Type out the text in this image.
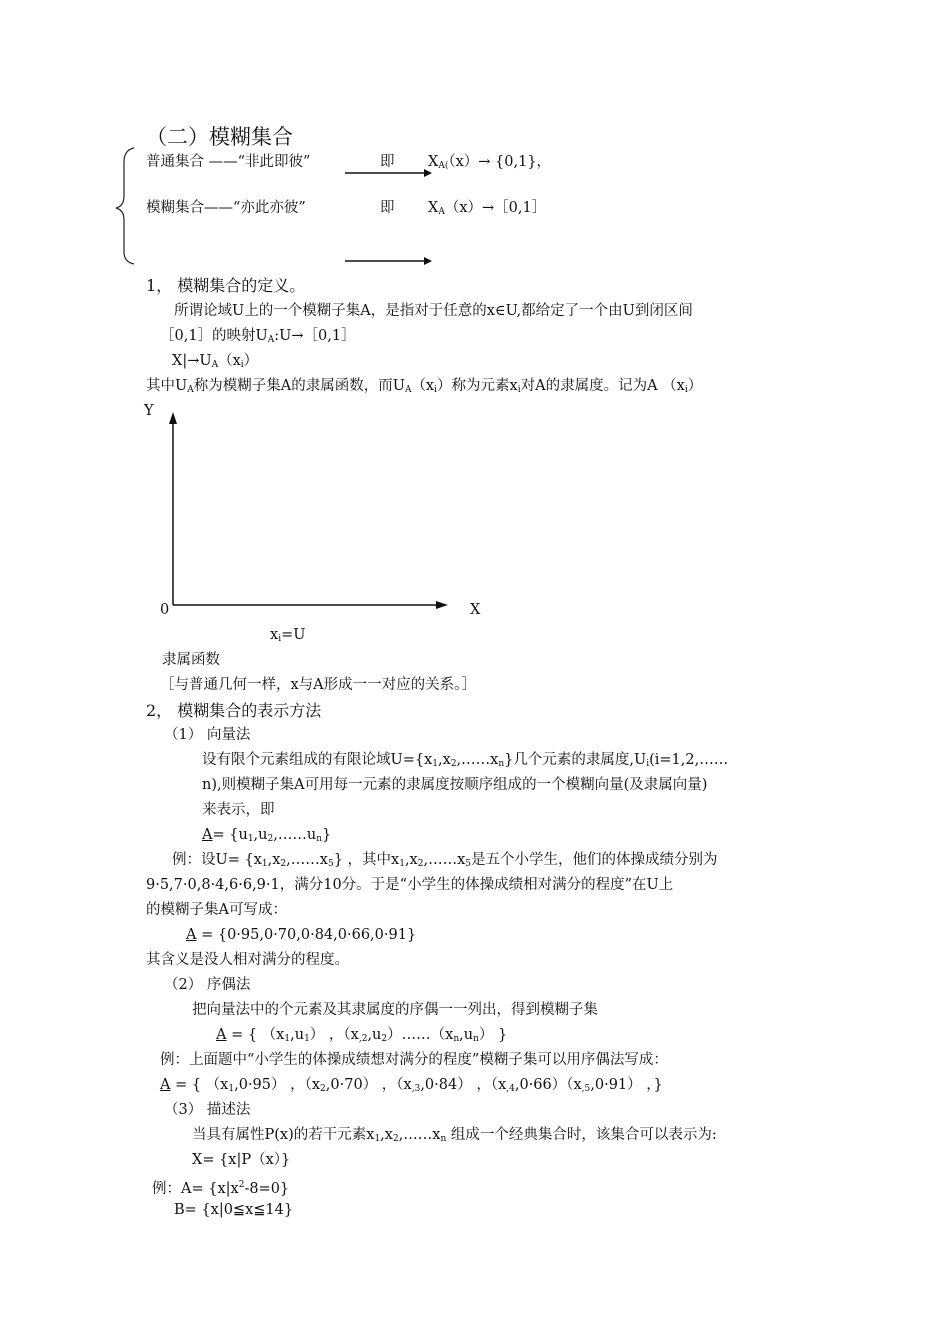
（二）模糊集合
普通集合 ——“非此即彼”	即 $X_{A(}(x)\to \{0,1\}$，
模糊集合——“亦此亦彼”	即 $X_A(x)\to[0,1]$
1， 模糊集合的定义。
所谓论域U上的一个模糊子集A，是指对于任意的x∈U,都给定了一个由U到闭区间
［0,1］的映射$U_A:U\to[0,1]$
$X|\to U_A(x_i)$
其中$U_A$称为模糊子集A的隶属函数，而$U_A(x_i)$称为元素$x_i$对A的隶属度。记为A $(x_i)$
Y
0	X
$x_i=U$
隶属函数
［与普通几何一样，x与A形成一一对应的关系。］
2， 模糊集合的表示方法
（1） 向量法
设有限个元素组成的有限论域$U=\{x_1,x_2,\dots\dots x_n\}$几个元素的隶属度$,U_i(i=1,2,\dots\dots$
n),则模糊子集A可用每一元素的隶属度按顺序组成的一个模糊向量(及隶属向量)
来表示，即
$A= \{u_1,u_2,\dots\dots u_n\}$
例：设$U= \{x_1,x_2,\dots\dots x_5\}$ ，其中$x_1,x_2,\dots\dots x_5$是五个小学生，他们的体操成绩分别为
9·5,7·0,8·4,6·6,9·1，满分10分。于是“小学生的体操成绩相对满分的程度”在U上
的模糊子集A可写成：
A = {0·95,0·70,0·84,0·66,0·91}
其含义是没人相对满分的程度。
（2） 序偶法
把向量法中的个元素及其隶属度的序偶一一列出，得到模糊子集
A = { $(x_1,u_1)$ ，$(x_{,2},u_2)\dots\dots(x_n,u_n)$ }
例：上面题中“小学生的体操成绩想对满分的程度”模糊子集可以用序偶法写成：
A = { $(x_1,0\cdot 95)$ ，$(x_2,0\cdot 70)$ ，$(x_{,3},0\cdot 84)$ ，$(x_{,4},0\cdot 66)(x_{,5},0\cdot 91)$ ，}
（3） 描述法
当具有属性P(x)的若干元素$x_1,x_2,\dots\dots x_n$ 组成一个经典集合时，该集合可以表示为:
X= {x|P（x）}
例：$A= \{x|x^2-8=0\}$
B= {x|0≦x≦14}
